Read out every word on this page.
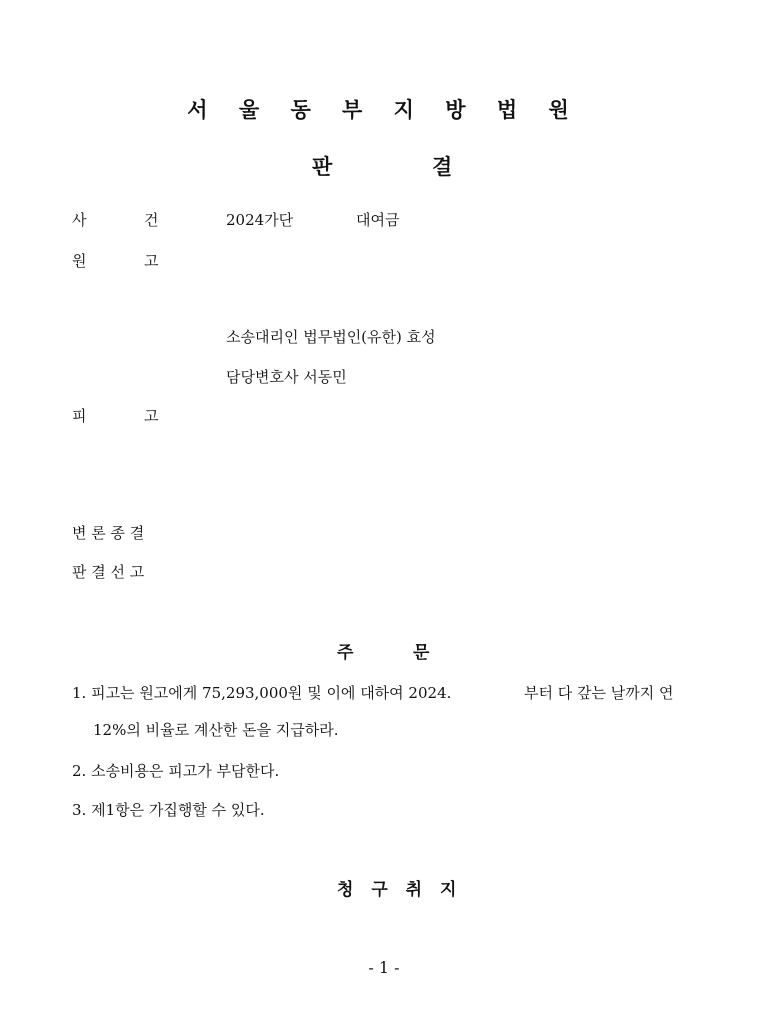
서 울 동 부 지 방 법 원
판	결
사	건	2024가단	대여금
원	고
소송대리인 법무법인(유한) 효성
담당변호사 서동민
피	고
변 론 종 결
판 결 선 고
주	문
1. 피고는 원고에게 75,293,000원 및 이에 대하여 2024.	부터 다 갚는 날까지 연
12%의 비율로 계산한 돈을 지급하라.
2. 소송비용은 피고가 부담한다.
3. 제1항은 가집행할 수 있다.
청 구 취 지
- 1 -
